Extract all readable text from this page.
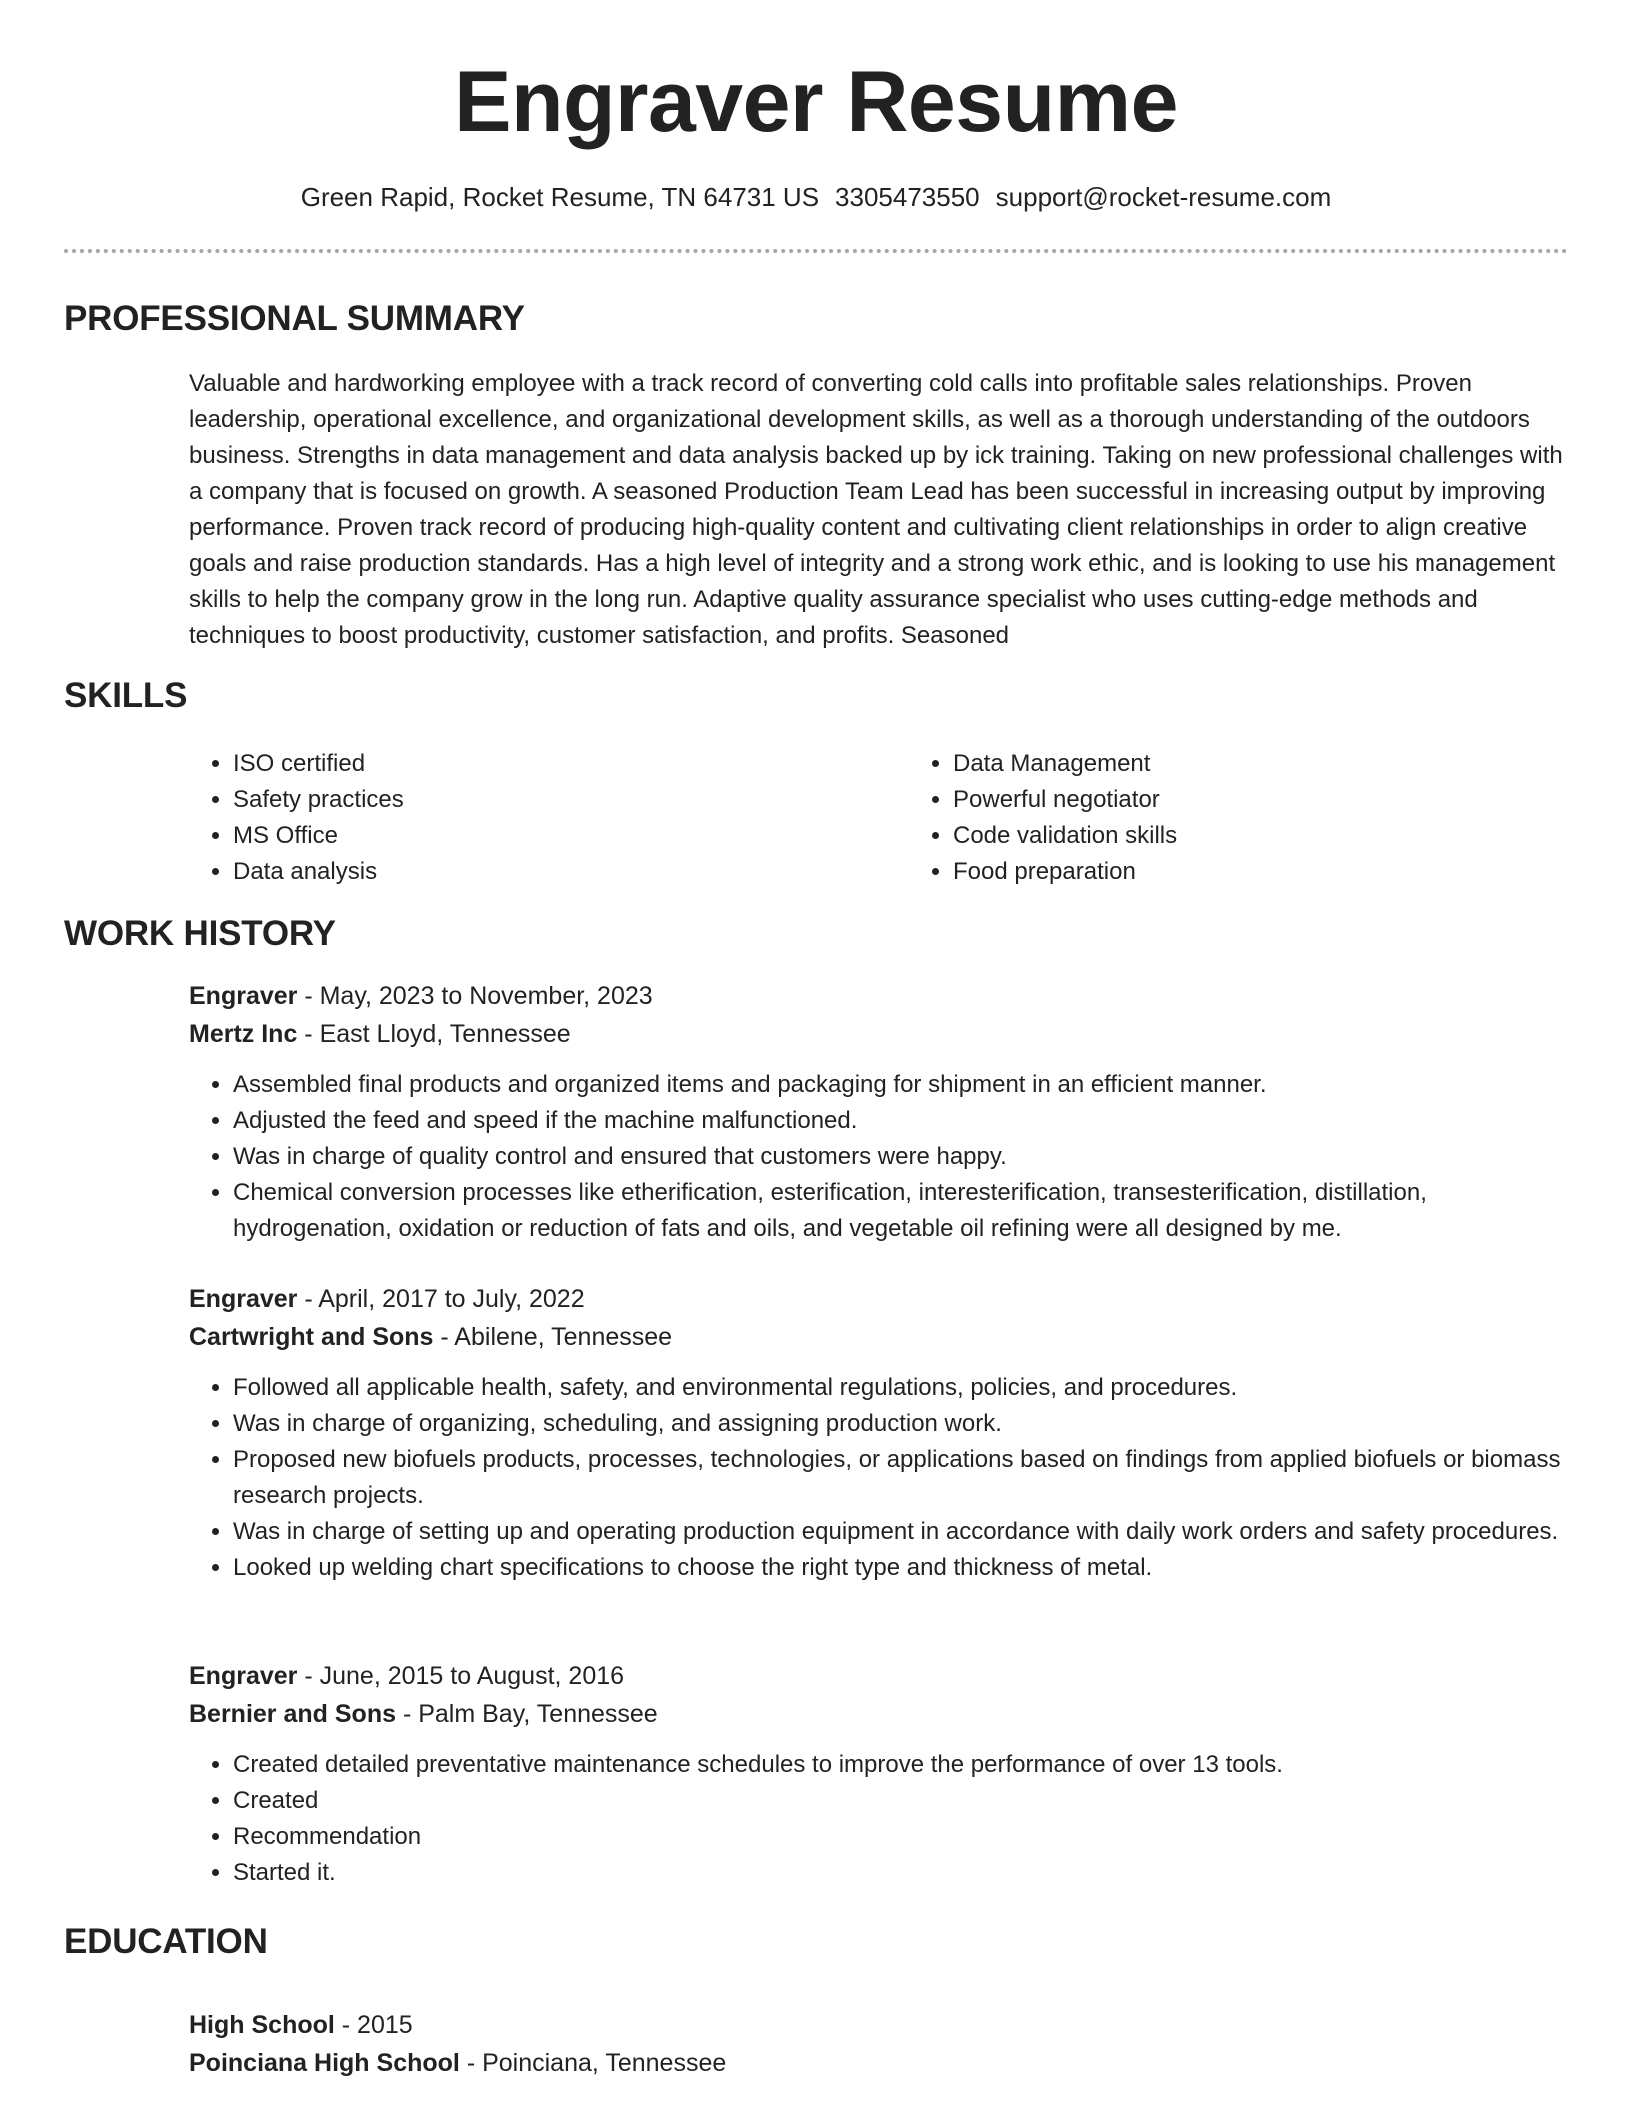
Engraver Resume
Green Rapid, Rocket Resume, TN 64731 US 3305473550 support@rocket-resume.com
PROFESSIONAL SUMMARY

Valuable and hardworking employee with a track record of converting cold calls into profitable sales relationships. Proven leadership, operational excellence, and organizational development skills, as well as a thorough understanding of the outdoors business. Strengths in data management and data analysis backed up by ick training. Taking on new professional challenges with a company that is focused on growth. A seasoned Production Team Lead has been successful in increasing output by improving performance. Proven track record of producing high-quality content and cultivating client relationships in order to align creative goals and raise production standards. Has a high level of integrity and a strong work ethic, and is looking to use his management skills to help the company grow in the long run. Adaptive quality assurance specialist who uses cutting-edge methods and techniques to boost productivity, customer satisfaction, and profits. Seasoned

SKILLS
• ISO certified
• Safety practices
• MS Office
• Data analysis
• Data Management
• Powerful negotiator
• Code validation skills
• Food preparation
WORK HISTORY
Engraver - May, 2023 to November, 2023
Mertz Inc - East Lloyd, Tennessee
• Assembled final products and organized items and packaging for shipment in an efficient manner.
• Adjusted the feed and speed if the machine malfunctioned.
• Was in charge of quality control and ensured that customers were happy.
• Chemical conversion processes like etherification, esterification, interesterification, transesterification, distillation, hydrogenation, oxidation or reduction of fats and oils, and vegetable oil refining were all designed by me.
Engraver - April, 2017 to July, 2022
Cartwright and Sons - Abilene, Tennessee
• Followed all applicable health, safety, and environmental regulations, policies, and procedures.
• Was in charge of organizing, scheduling, and assigning production work.
• Proposed new biofuels products, processes, technologies, or applications based on findings from applied biofuels or biomass research projects.
• Was in charge of setting up and operating production equipment in accordance with daily work orders and safety procedures.
• Looked up welding chart specifications to choose the right type and thickness of metal.
Engraver - June, 2015 to August, 2016
Bernier and Sons - Palm Bay, Tennessee
• Created detailed preventative maintenance schedules to improve the performance of over 13 tools.
• Created
• Recommendation
• Started it.
EDUCATION
High School - 2015
Poinciana High School - Poinciana, Tennessee
